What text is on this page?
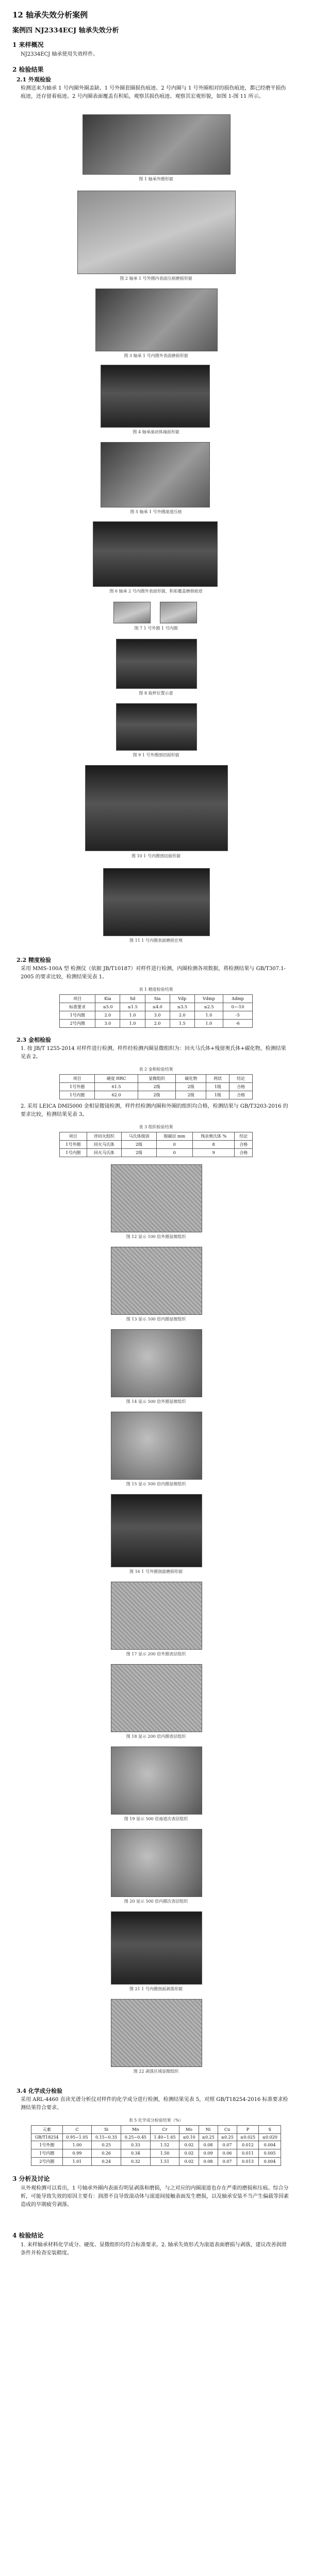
12 轴承失效分析案例
案例四 NJ2334ECJ 轴承失效分析
1 来样概况
NJ2334ECJ 轴承使用失效样件。
2 检验结果
2.1 外观检验
检测送来为轴承 1 号内圈外圈盖缺、1 号外圈套圈损伤痕迹、2 号内圈与 1 号外圈相对的损伤痕迹，都已经磨平损伤痕迹，还存留着痕迹。2 号内圈表面覆盖有积垢，观察其损伤痕迹、观察其宏观形貌，如图 1-图 11 所示。
图 1 轴承外圈形貌
图 2 轴承 1 号外圈内表面压痕磨损形貌
图 3 轴承 1 号内圈外表面磨损形貌
图 4 轴承滚动体端面形貌
图 5 轴承 1 号外圈滚道压痕
图 6 轴承 2 号内圈外表面形貌，积垢覆盖磨损痕迹
图 7 1 号外圈 1 号内圈
图 8 取样位置示意
图 9 1 号外圈剖切面形貌
图 10 1 号内圈剖切面形貌
图 11 1 号内圈表面磨损宏观
2.2 精度检验
采用 MMS-100A 型 检测仪（依据 JB/T10187）对样件进行检测，内圈检测各项数据，将检测结果与 GB/T307.1-2005 的要求比较，检测结果见表 1。
表 1 精度检验结果
项目	Kia	Sd	Sia	Vdp	Vdmp	Δdmp
标准要求	≤5.0	≤1.5	≤4.0	≤3.5	≤2.5	0~-10
1号内圈	2.0	1.0	3.0	2.0	1.0	-5
2号内圈	3.0	1.0	2.0	1.5	1.0	-6
2.3 金相检验
1. 按 JB/T 1255-2014 对样件进行检测，样件经检测内圈显微组织为：回火马氏体+残留奥氏体+碳化物，检测结果见表 2。
表 2 金相检验结果
项目	硬度 HRC	显微组织	碳化物	网状	结论
1号外圈	61.5	2级	2级	1级	合格
1号内圈	62.0	2级	2级	1级	合格
2. 采用 LEICA DMI5000 金相显微镜检测，样件经检测内圈和外圈的组织均合格，检测结果与 GB/T3203-2016 的要求比较，检测结果见表 3。
表 3 组织检验结果
项目	淬回火组织	马氏体级别	脱碳层 mm	残余奥氏体 %	结论
1号外圈	回火马氏体	2级	0	8	合格
1号内圈	回火马氏体	2级	0	9	合格
图 12 显示 100 倍外圈显微组织
图 13 显示 100 倍内圈显微组织
图 14 显示 500 倍外圈显微组织
图 15 显示 500 倍内圈显微组织
图 16 1 号外圈剖面磨损形貌
图 17 显示 200 倍外圈表层组织
图 18 显示 200 倍内圈表层组织
图 19 显示 500 倍滚道次表层组织
图 20 显示 500 倍内圈次表层组织
图 21 1 号内圈剖面剥落形貌
图 22 剥落区域显微组织
3.4 化学成分检验
采用 ARL-4460 直读光谱分析仪对样件的化学成分进行检测，检测结果见表 5，对照 GB/T18254-2016 标准要求检测结果符合要求。
表 5 化学成分检验结果（%）
元素	C	Si	Mn	Cr	Mo	Ni	Cu	P	S
GB/T18254	0.95~1.05	0.15~0.35	0.25~0.45	1.40~1.65	≤0.10	≤0.25	≤0.25	≤0.025	≤0.020
1号外圈	1.00	0.25	0.33	1.52	0.02	0.08	0.07	0.012	0.004
1号内圈	0.99	0.26	0.34	1.50	0.02	0.09	0.06	0.011	0.005
2号内圈	1.01	0.24	0.32	1.51	0.02	0.08	0.07	0.013	0.004
3 分析及讨论
从外观检测可以看出，1 号轴承外圈内表面有明显剥落和磨损，与之对应的内圈滚道也存在严重的磨损和压痕。综合分析，可能导致失效的原因主要有：润滑不良导致滚动体与滚道间接触表面发生磨损，以及轴承安装不当产生偏载等因素造成的早期疲劳剥落。
4 检验结论
1. 来样轴承材料化学成分、硬度、显微组织均符合标准要求。2. 轴承失效形式为滚道表面磨损与剥落，建议改善润滑条件并检查安装精度。
